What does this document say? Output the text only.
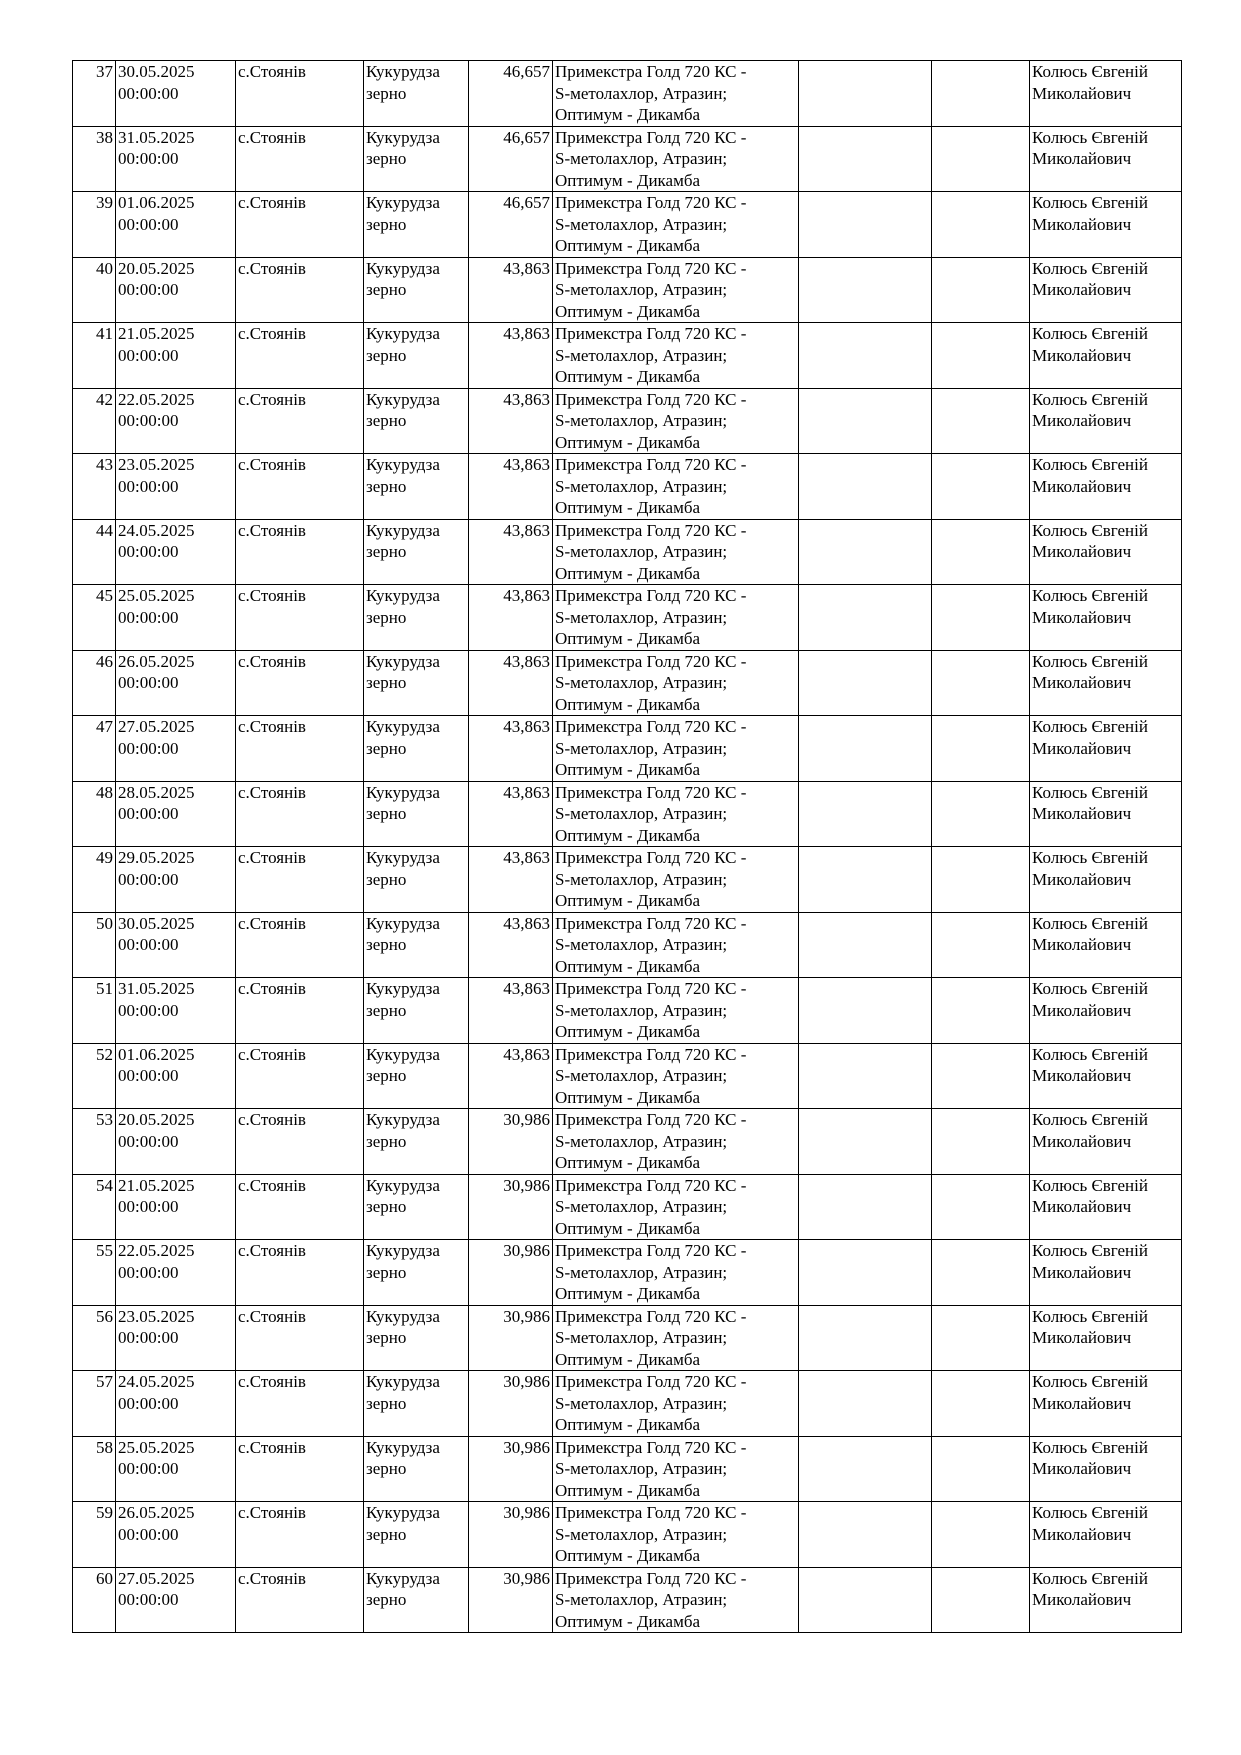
37	30.05.2025
00:00:00	с.Стоянів	Кукурудза
зерно	46,657	Примекстра Голд 720 КС -
S-метолахлор, Атразин;
Оптимум - Дикамба			Колюсь Євгеній
Миколайович

38	31.05.2025
00:00:00	с.Стоянів	Кукурудза
зерно	46,657	Примекстра Голд 720 КС -
S-метолахлор, Атразин;
Оптимум - Дикамба			Колюсь Євгеній
Миколайович

39	01.06.2025
00:00:00	с.Стоянів	Кукурудза
зерно	46,657	Примекстра Голд 720 КС -
S-метолахлор, Атразин;
Оптимум - Дикамба			Колюсь Євгеній
Миколайович

40	20.05.2025
00:00:00	с.Стоянів	Кукурудза
зерно	43,863	Примекстра Голд 720 КС -
S-метолахлор, Атразин;
Оптимум - Дикамба			Колюсь Євгеній
Миколайович

41	21.05.2025
00:00:00	с.Стоянів	Кукурудза
зерно	43,863	Примекстра Голд 720 КС -
S-метолахлор, Атразин;
Оптимум - Дикамба			Колюсь Євгеній
Миколайович

42	22.05.2025
00:00:00	с.Стоянів	Кукурудза
зерно	43,863	Примекстра Голд 720 КС -
S-метолахлор, Атразин;
Оптимум - Дикамба			Колюсь Євгеній
Миколайович

43	23.05.2025
00:00:00	с.Стоянів	Кукурудза
зерно	43,863	Примекстра Голд 720 КС -
S-метолахлор, Атразин;
Оптимум - Дикамба			Колюсь Євгеній
Миколайович

44	24.05.2025
00:00:00	с.Стоянів	Кукурудза
зерно	43,863	Примекстра Голд 720 КС -
S-метолахлор, Атразин;
Оптимум - Дикамба			Колюсь Євгеній
Миколайович

45	25.05.2025
00:00:00	с.Стоянів	Кукурудза
зерно	43,863	Примекстра Голд 720 КС -
S-метолахлор, Атразин;
Оптимум - Дикамба			Колюсь Євгеній
Миколайович

46	26.05.2025
00:00:00	с.Стоянів	Кукурудза
зерно	43,863	Примекстра Голд 720 КС -
S-метолахлор, Атразин;
Оптимум - Дикамба			Колюсь Євгеній
Миколайович

47	27.05.2025
00:00:00	с.Стоянів	Кукурудза
зерно	43,863	Примекстра Голд 720 КС -
S-метолахлор, Атразин;
Оптимум - Дикамба			Колюсь Євгеній
Миколайович

48	28.05.2025
00:00:00	с.Стоянів	Кукурудза
зерно	43,863	Примекстра Голд 720 КС -
S-метолахлор, Атразин;
Оптимум - Дикамба			Колюсь Євгеній
Миколайович

49	29.05.2025
00:00:00	с.Стоянів	Кукурудза
зерно	43,863	Примекстра Голд 720 КС -
S-метолахлор, Атразин;
Оптимум - Дикамба			Колюсь Євгеній
Миколайович

50	30.05.2025
00:00:00	с.Стоянів	Кукурудза
зерно	43,863	Примекстра Голд 720 КС -
S-метолахлор, Атразин;
Оптимум - Дикамба			Колюсь Євгеній
Миколайович

51	31.05.2025
00:00:00	с.Стоянів	Кукурудза
зерно	43,863	Примекстра Голд 720 КС -
S-метолахлор, Атразин;
Оптимум - Дикамба			Колюсь Євгеній
Миколайович

52	01.06.2025
00:00:00	с.Стоянів	Кукурудза
зерно	43,863	Примекстра Голд 720 КС -
S-метолахлор, Атразин;
Оптимум - Дикамба			Колюсь Євгеній
Миколайович

53	20.05.2025
00:00:00	с.Стоянів	Кукурудза
зерно	30,986	Примекстра Голд 720 КС -
S-метолахлор, Атразин;
Оптимум - Дикамба			Колюсь Євгеній
Миколайович

54	21.05.2025
00:00:00	с.Стоянів	Кукурудза
зерно	30,986	Примекстра Голд 720 КС -
S-метолахлор, Атразин;
Оптимум - Дикамба			Колюсь Євгеній
Миколайович

55	22.05.2025
00:00:00	с.Стоянів	Кукурудза
зерно	30,986	Примекстра Голд 720 КС -
S-метолахлор, Атразин;
Оптимум - Дикамба			Колюсь Євгеній
Миколайович

56	23.05.2025
00:00:00	с.Стоянів	Кукурудза
зерно	30,986	Примекстра Голд 720 КС -
S-метолахлор, Атразин;
Оптимум - Дикамба			Колюсь Євгеній
Миколайович

57	24.05.2025
00:00:00	с.Стоянів	Кукурудза
зерно	30,986	Примекстра Голд 720 КС -
S-метолахлор, Атразин;
Оптимум - Дикамба			Колюсь Євгеній
Миколайович

58	25.05.2025
00:00:00	с.Стоянів	Кукурудза
зерно	30,986	Примекстра Голд 720 КС -
S-метолахлор, Атразин;
Оптимум - Дикамба			Колюсь Євгеній
Миколайович

59	26.05.2025
00:00:00	с.Стоянів	Кукурудза
зерно	30,986	Примекстра Голд 720 КС -
S-метолахлор, Атразин;
Оптимум - Дикамба			Колюсь Євгеній
Миколайович

60	27.05.2025
00:00:00	с.Стоянів	Кукурудза
зерно	30,986	Примекстра Голд 720 КС -
S-метолахлор, Атразин;
Оптимум - Дикамба			Колюсь Євгеній
Миколайович
